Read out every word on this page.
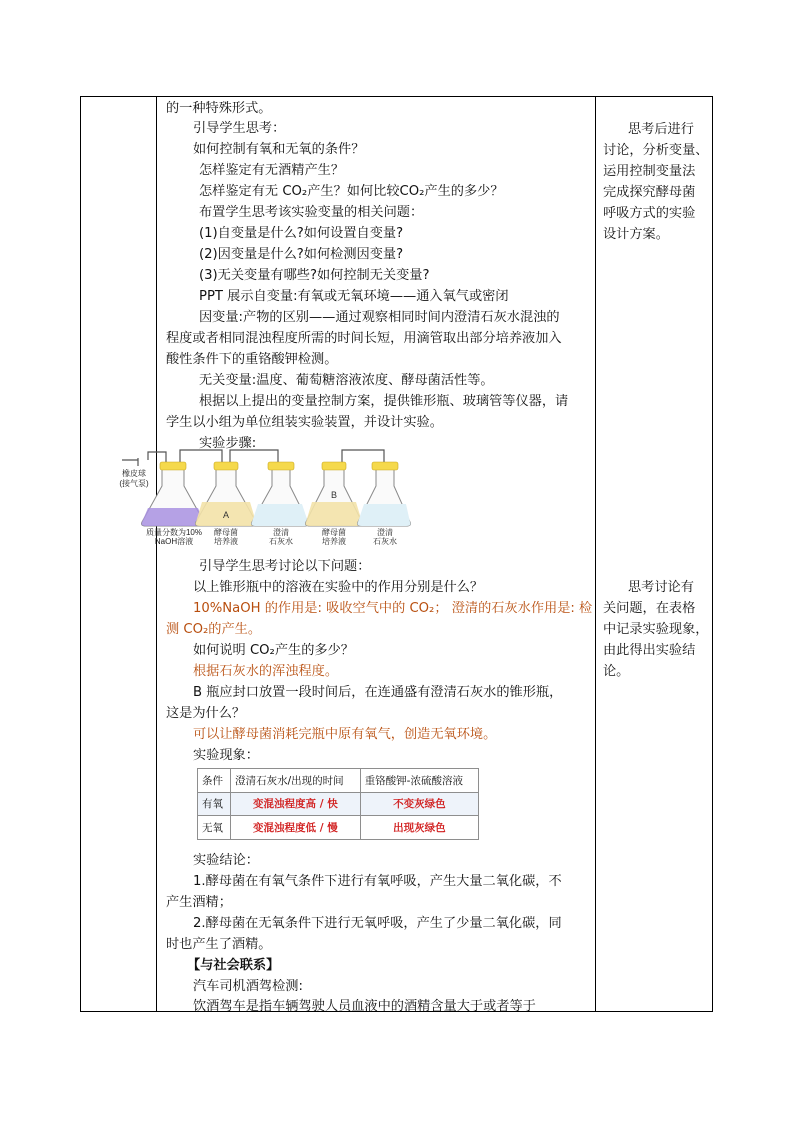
的一种特殊形式。
引导学生思考：
如何控制有氧和无氧的条件？
怎样鉴定有无酒精产生？
怎样鉴定有无 CO₂产生？如何比较CO₂产生的多少？
布置学生思考该实验变量的相关问题：
(1)自变量是什么?如何设置自变量?
(2)因变量是什么?如何检测因变量?
(3)无关变量有哪些?如何控制无关变量?
PPT 展示自变量:有氧或无氧环境——通入氧气或密闭
因变量:产物的区别——通过观察相同时间内澄清石灰水混浊的
程度或者相同混浊程度所需的时间长短，用滴管取出部分培养液加入
酸性条件下的重铬酸钾检测。
无关变量:温度、葡萄糖溶液浓度、酵母菌活性等。
根据以上提出的变量控制方案，提供锥形瓶、玻璃管等仪器，请
学生以小组为单位组装实验装置，并设计实验。
实验步骤:
引导学生思考讨论以下问题：
以上锥形瓶中的溶液在实验中的作用分别是什么？
10%NaOH 的作用是: 吸收空气中的 CO₂； 澄清的石灰水作用是: 检
测 CO₂的产生。
如何说明 CO₂产生的多少？
根据石灰水的浑浊程度。
B 瓶应封口放置一段时间后，在连通盛有澄清石灰水的锥形瓶，
这是为什么？
可以让酵母菌消耗完瓶中原有氧气，创造无氧环境。
实验现象：
实验结论：
1.酵母菌在有氧气条件下进行有氧呼吸，产生大量二氧化碳，不
产生酒精；
2.酵母菌在无氧条件下进行无氧呼吸，产生了少量二氧化碳，同
时也产生了酒精。
【与社会联系】
汽车司机酒驾检测:
饮酒驾车是指车辆驾驶人员血液中的酒精含量大于或者等于
思考后进行
讨论，分析变量、
运用控制变量法
完成探究酵母菌
呼吸方式的实验
设计方案。
思考讨论有
关问题，在表格
中记录实验现象，
由此得出实验结
论。
A
B
橡皮球
(接气泵)
质量分数为10%
NaOH溶液
酵母菌
培养液
澄清
石灰水
酵母菌
培养液
澄清
石灰水
条件	澄清石灰水/出现的时间	重铬酸钾-浓硫酸溶液
有氧	变混浊程度高 / 快	不变灰绿色
无氧	变混浊程度低 / 慢	出现灰绿色
